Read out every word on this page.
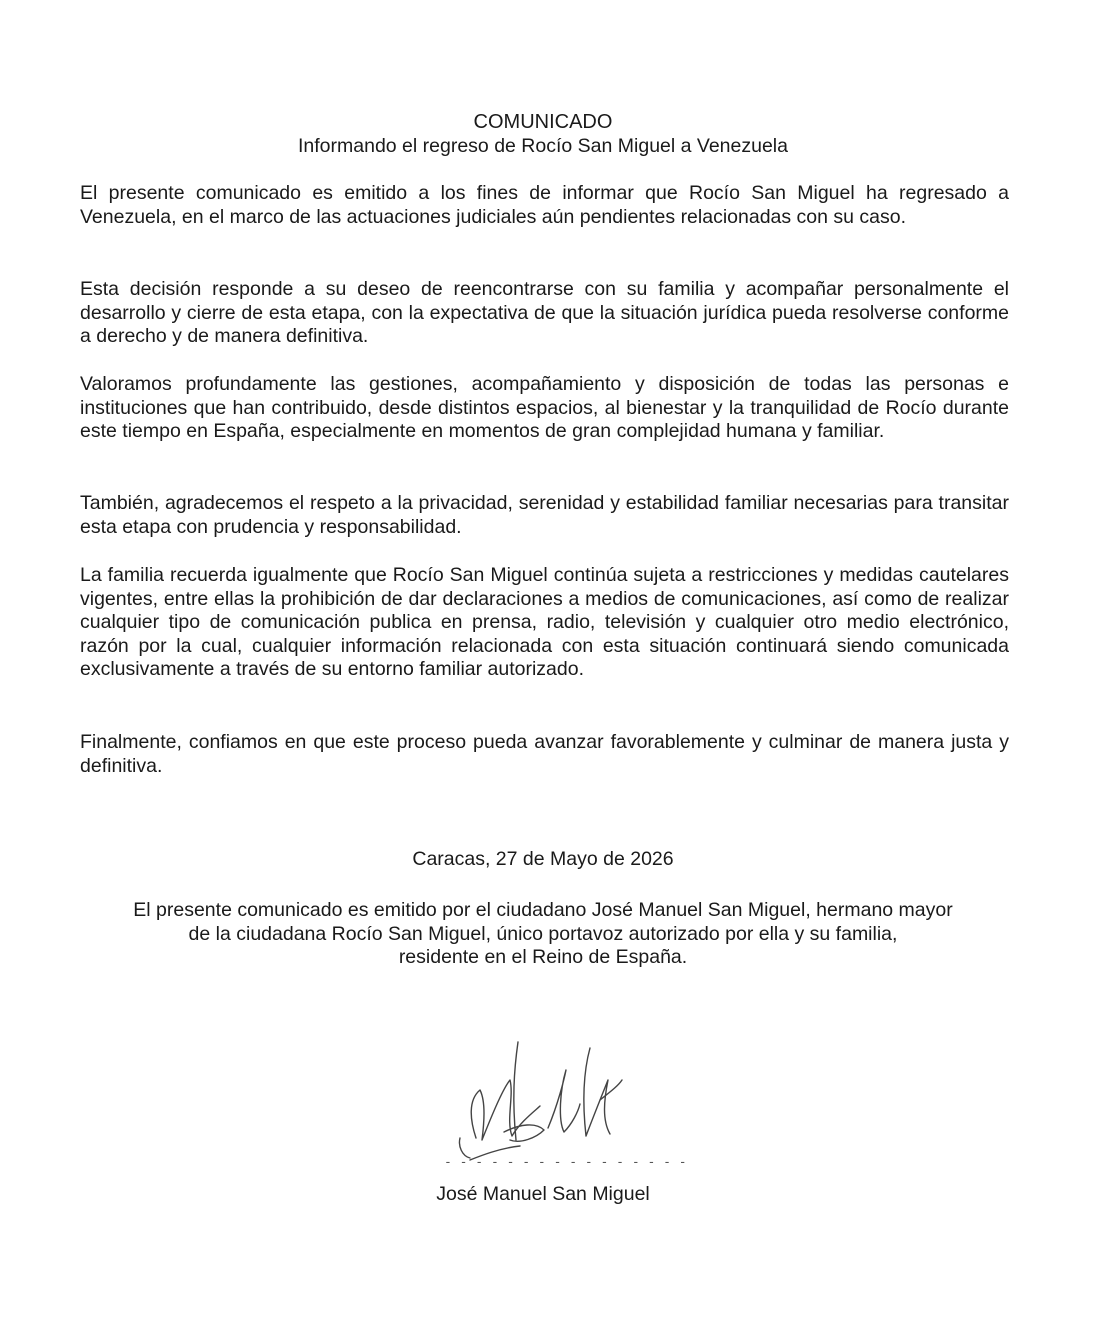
COMUNICADO
Informando el regreso de Rocío San Miguel a Venezuela

El presente comunicado es emitido a los fines de informar que Rocío San Miguel ha regresado a Venezuela, en el marco de las actuaciones judiciales aún pendientes relacionadas con su caso.

Esta decisión responde a su deseo de reencontrarse con su familia y acompañar personalmente el desarrollo y cierre de esta etapa, con la expectativa de que la situación jurídica pueda resolverse conforme a derecho y de manera definitiva.

Valoramos profundamente las gestiones, acompañamiento y disposición de todas las personas e instituciones que han contribuido, desde distintos espacios, al bienestar y la tranquilidad de Rocío durante este tiempo en España, especialmente en momentos de gran complejidad humana y familiar.

También, agradecemos el respeto a la privacidad, serenidad y estabilidad familiar necesarias para transitar esta etapa con prudencia y responsabilidad.

La familia recuerda igualmente que Rocío San Miguel continúa sujeta a restricciones y medidas cautelares vigentes, entre ellas la prohibición de dar declaraciones a medios de comunicaciones, así como de realizar cualquier tipo de comunicación publica en prensa, radio, televisión y cualquier otro medio electrónico, razón por la cual, cualquier información relacionada con esta situación continuará siendo comunicada exclusivamente a través de su entorno familiar autorizado.

Finalmente, confiamos en que este proceso pueda avanzar favorablemente y culminar de manera justa y definitiva.

Caracas, 27 de Mayo de 2026

El presente comunicado es emitido por el ciudadano José Manuel San Miguel, hermano mayor
de la ciudadana Rocío San Miguel, único portavoz autorizado por ella y su familia,
residente en el Reino de España.

- - - - - - - - - - - - - - - -
José Manuel San Miguel
